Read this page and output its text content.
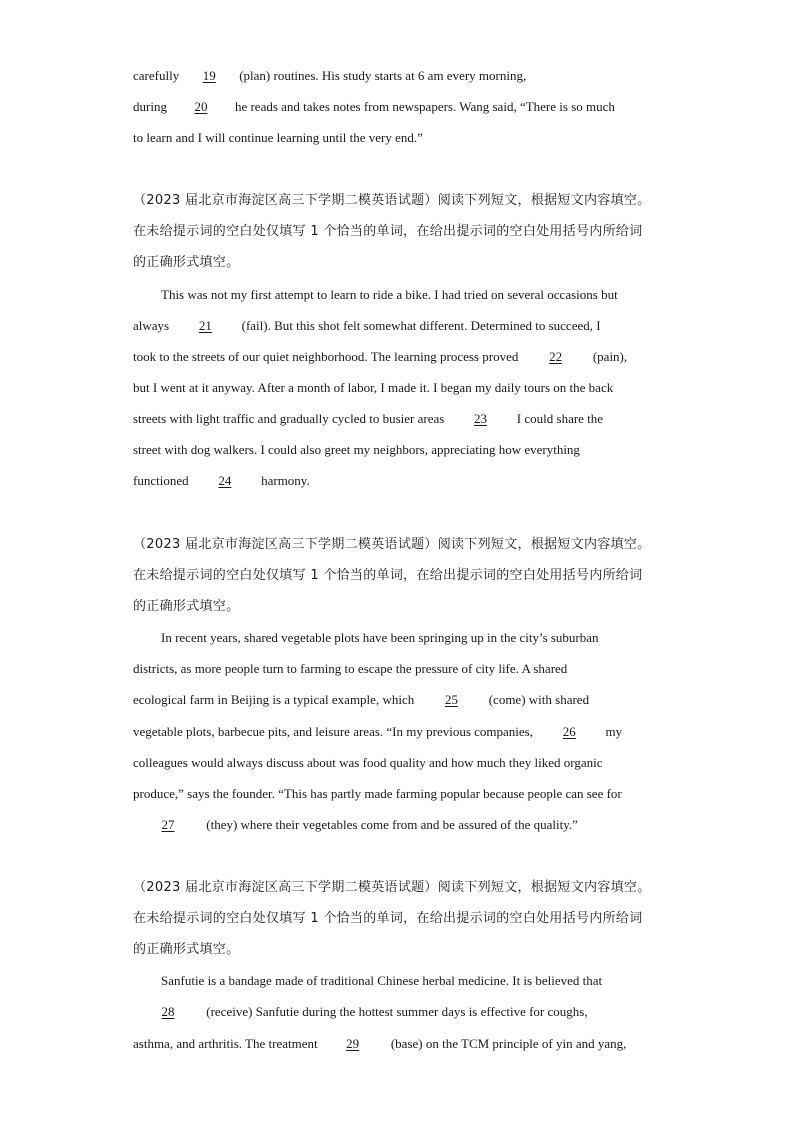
carefully 19 (plan) routines. His study starts at 6 am every morning,
during 20 he reads and takes notes from newspapers. Wang said, “There is so much
to learn and I will continue learning until the very end.”
（2023 届北京市海淀区高三下学期二模英语试题）阅读下列短文，根据短文内容填空。
在未给提示词的空白处仅填写 1 个恰当的单词，在给出提示词的空白处用括号内所给词
的正确形式填空。
This was not my first attempt to learn to ride a bike. I had tried on several occasions but
always 21 (fail). But this shot felt somewhat different. Determined to succeed, I
took to the streets of our quiet neighborhood. The learning process proved 22 (pain),
but I went at it anyway. After a month of labor, I made it. I began my daily tours on the back
streets with light traffic and gradually cycled to busier areas 23 I could share the
street with dog walkers. I could also greet my neighbors, appreciating how everything
functioned 24 harmony.
（2023 届北京市海淀区高三下学期二模英语试题）阅读下列短文，根据短文内容填空。
在未给提示词的空白处仅填写 1 个恰当的单词，在给出提示词的空白处用括号内所给词
的正确形式填空。
In recent years, shared vegetable plots have been springing up in the city’s suburban
districts, as more people turn to farming to escape the pressure of city life. A shared
ecological farm in Beijing is a typical example, which 25 (come) with shared
vegetable plots, barbecue pits, and leisure areas. “In my previous companies, 26 my
colleagues would always discuss about was food quality and how much they liked organic
produce,” says the founder. “This has partly made farming popular because people can see for
27 (they) where their vegetables come from and be assured of the quality.”
（2023 届北京市海淀区高三下学期二模英语试题）阅读下列短文，根据短文内容填空。
在未给提示词的空白处仅填写 1 个恰当的单词，在给出提示词的空白处用括号内所给词
的正确形式填空。
Sanfutie is a bandage made of traditional Chinese herbal medicine. It is believed that
28 (receive) Sanfutie during the hottest summer days is effective for coughs,
asthma, and arthritis. The treatment 29 (base) on the TCM principle of yin and yang,
